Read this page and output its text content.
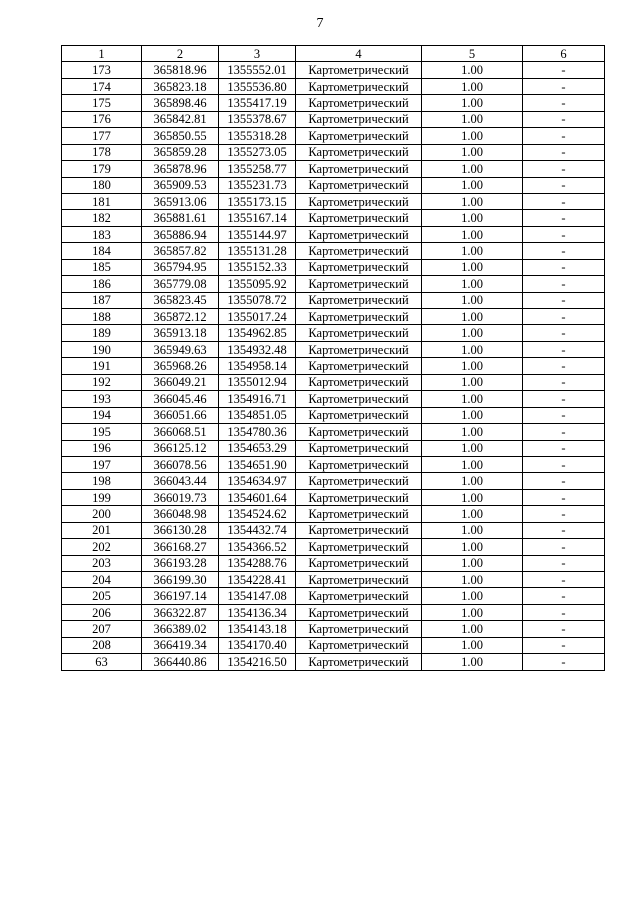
7
1	2	3	4	5	6
173	365818.96	1355552.01	Картометрический	1.00	-
174	365823.18	1355536.80	Картометрический	1.00	-
175	365898.46	1355417.19	Картометрический	1.00	-
176	365842.81	1355378.67	Картометрический	1.00	-
177	365850.55	1355318.28	Картометрический	1.00	-
178	365859.28	1355273.05	Картометрический	1.00	-
179	365878.96	1355258.77	Картометрический	1.00	-
180	365909.53	1355231.73	Картометрический	1.00	-
181	365913.06	1355173.15	Картометрический	1.00	-
182	365881.61	1355167.14	Картометрический	1.00	-
183	365886.94	1355144.97	Картометрический	1.00	-
184	365857.82	1355131.28	Картометрический	1.00	-
185	365794.95	1355152.33	Картометрический	1.00	-
186	365779.08	1355095.92	Картометрический	1.00	-
187	365823.45	1355078.72	Картометрический	1.00	-
188	365872.12	1355017.24	Картометрический	1.00	-
189	365913.18	1354962.85	Картометрический	1.00	-
190	365949.63	1354932.48	Картометрический	1.00	-
191	365968.26	1354958.14	Картометрический	1.00	-
192	366049.21	1355012.94	Картометрический	1.00	-
193	366045.46	1354916.71	Картометрический	1.00	-
194	366051.66	1354851.05	Картометрический	1.00	-
195	366068.51	1354780.36	Картометрический	1.00	-
196	366125.12	1354653.29	Картометрический	1.00	-
197	366078.56	1354651.90	Картометрический	1.00	-
198	366043.44	1354634.97	Картометрический	1.00	-
199	366019.73	1354601.64	Картометрический	1.00	-
200	366048.98	1354524.62	Картометрический	1.00	-
201	366130.28	1354432.74	Картометрический	1.00	-
202	366168.27	1354366.52	Картометрический	1.00	-
203	366193.28	1354288.76	Картометрический	1.00	-
204	366199.30	1354228.41	Картометрический	1.00	-
205	366197.14	1354147.08	Картометрический	1.00	-
206	366322.87	1354136.34	Картометрический	1.00	-
207	366389.02	1354143.18	Картометрический	1.00	-
208	366419.34	1354170.40	Картометрический	1.00	-
63	366440.86	1354216.50	Картометрический	1.00	-
